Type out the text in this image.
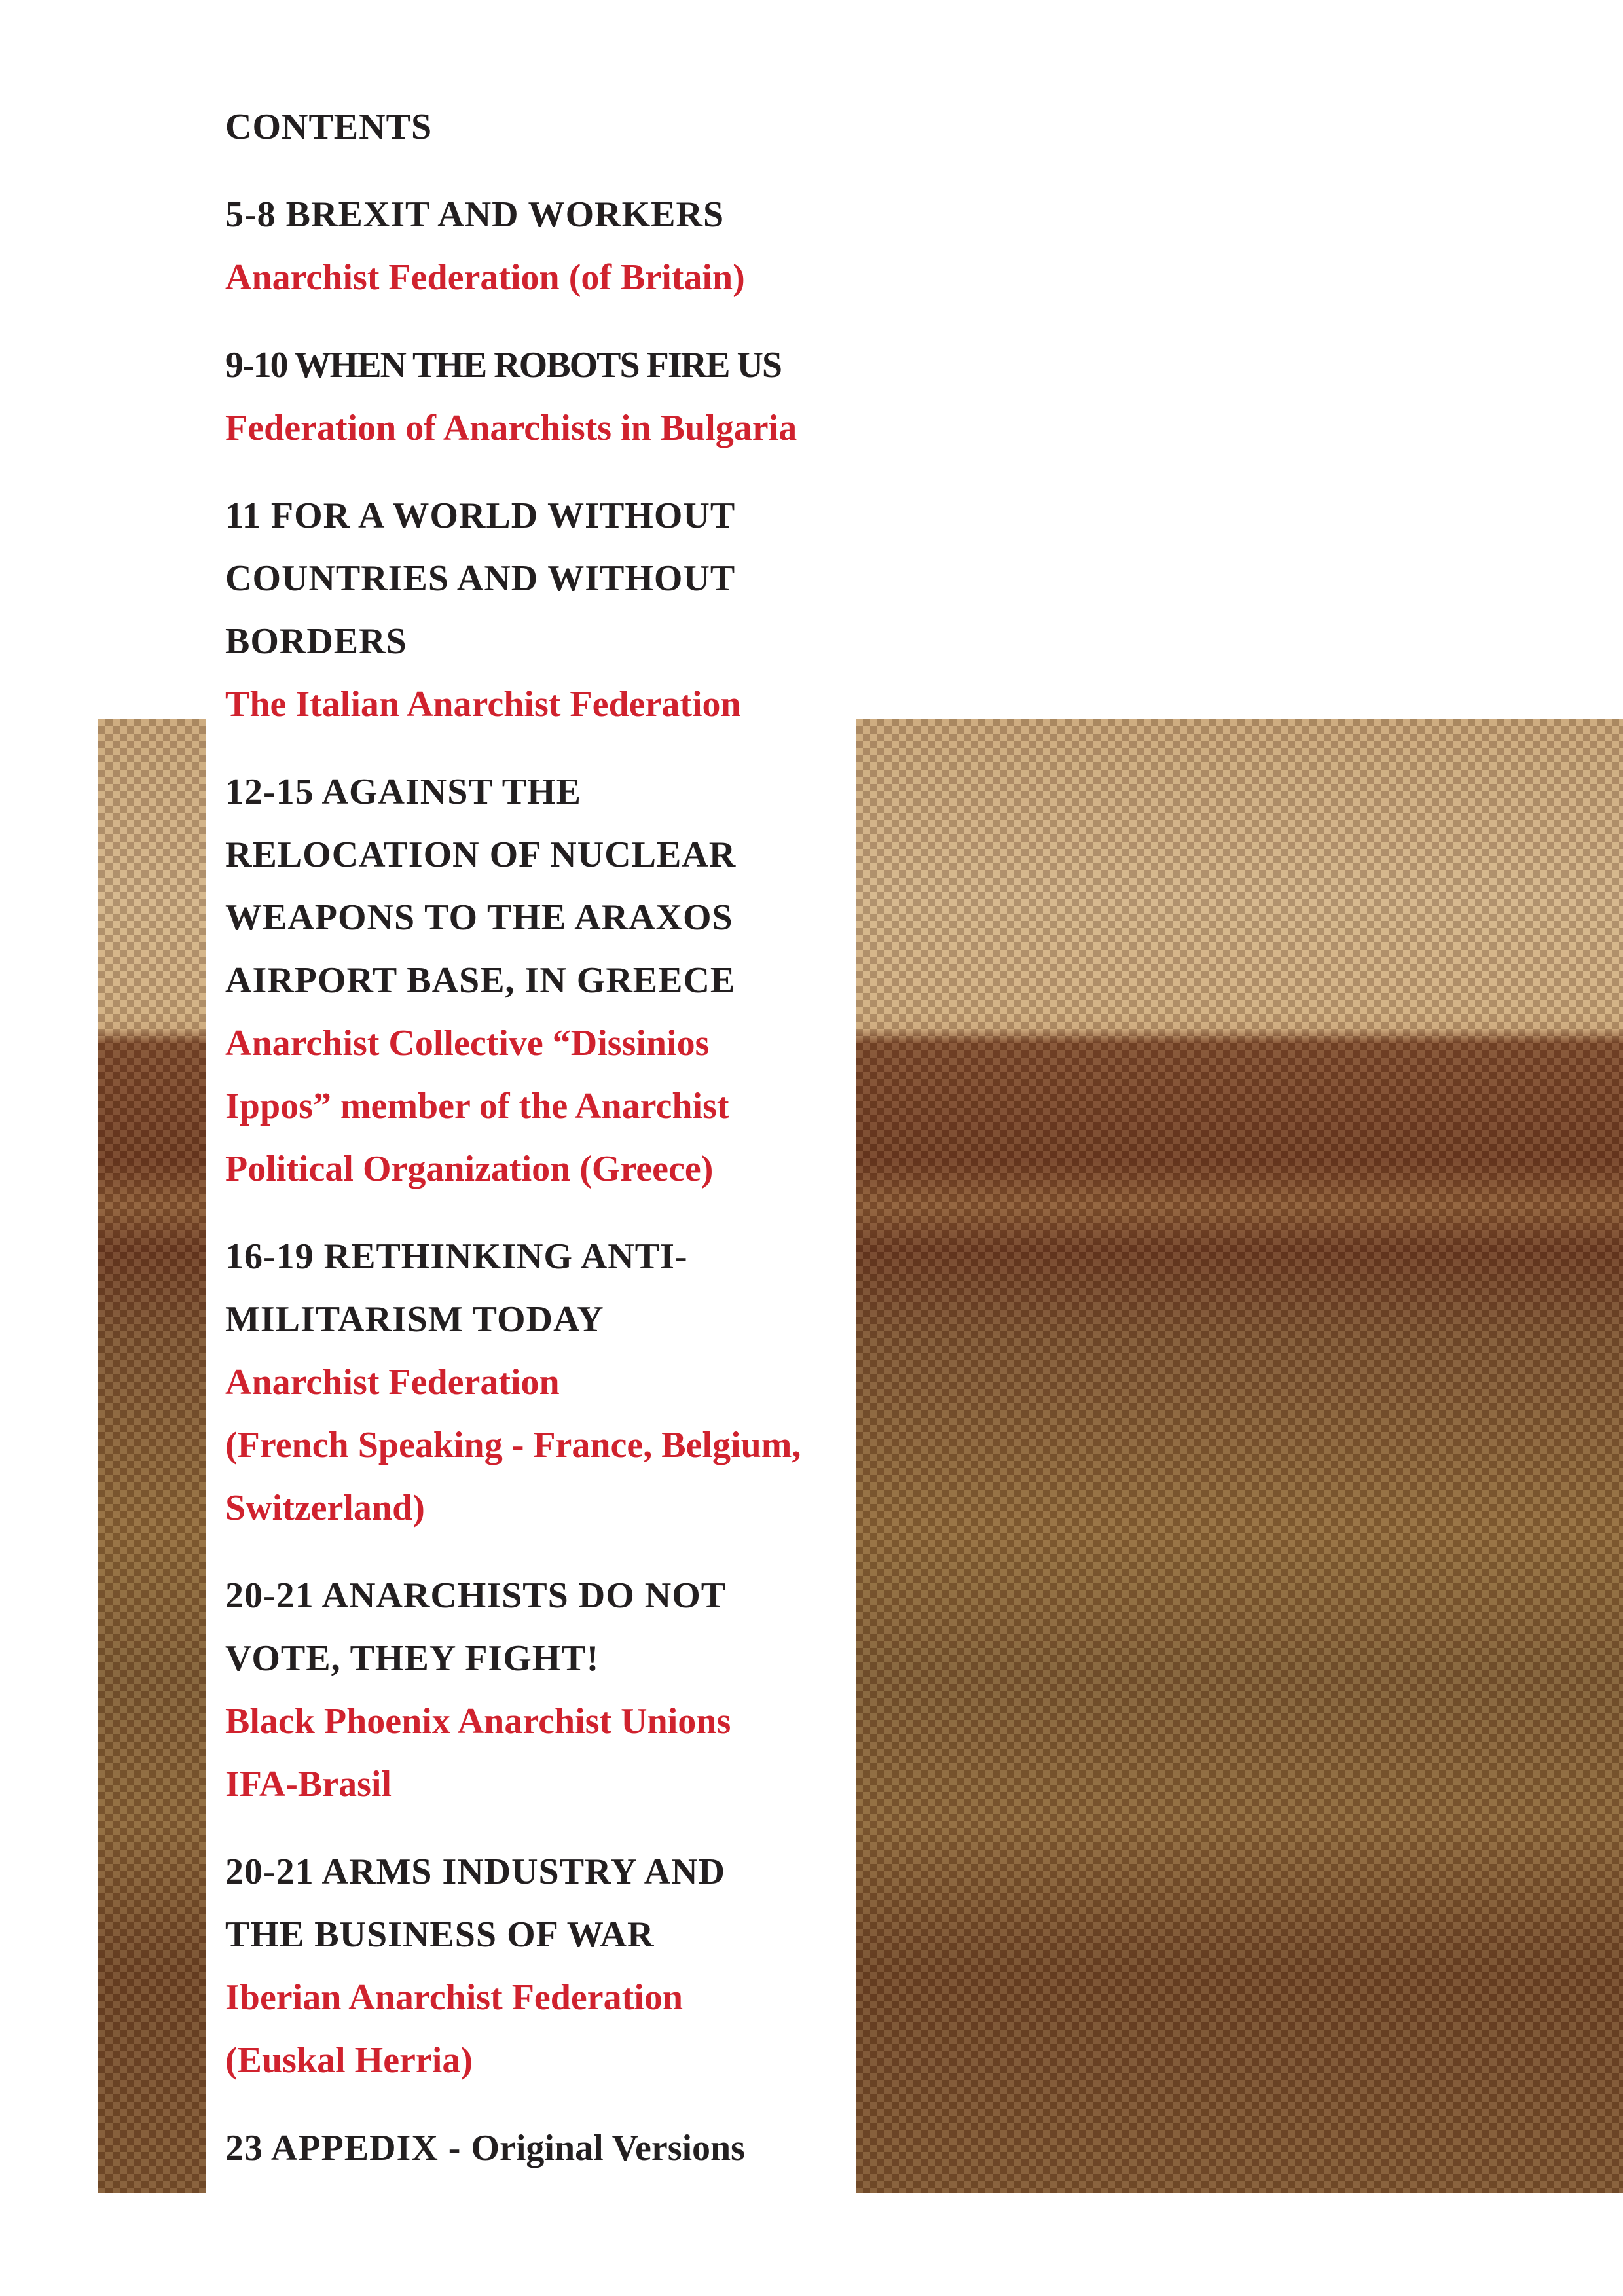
CONTENTS
5-8 BREXIT AND WORKERS
Anarchist Federation (of Britain)
9-10 WHEN THE ROBOTS FIRE US
Federation of Anarchists in Bulgaria
11 FOR A WORLD WITHOUT
COUNTRIES AND WITHOUT
BORDERS
The Italian Anarchist Federation
12-15 AGAINST THE
RELOCATION OF NUCLEAR
WEAPONS TO THE ARAXOS
AIRPORT BASE, IN GREECE
Anarchist Collective “Dissinios
Ippos” member of the Anarchist
Political Organization (Greece)
16-19 RETHINKING ANTI-
MILITARISM TODAY
Anarchist Federation
(French Speaking - France, Belgium,
Switzerland)
20-21 ANARCHISTS DO NOT
VOTE, THEY FIGHT!
Black Phoenix Anarchist Unions
IFA-Brasil
20-21 ARMS INDUSTRY AND
THE BUSINESS OF WAR
Iberian Anarchist Federation
(Euskal Herria)
23 APPEDIX - Original Versions
